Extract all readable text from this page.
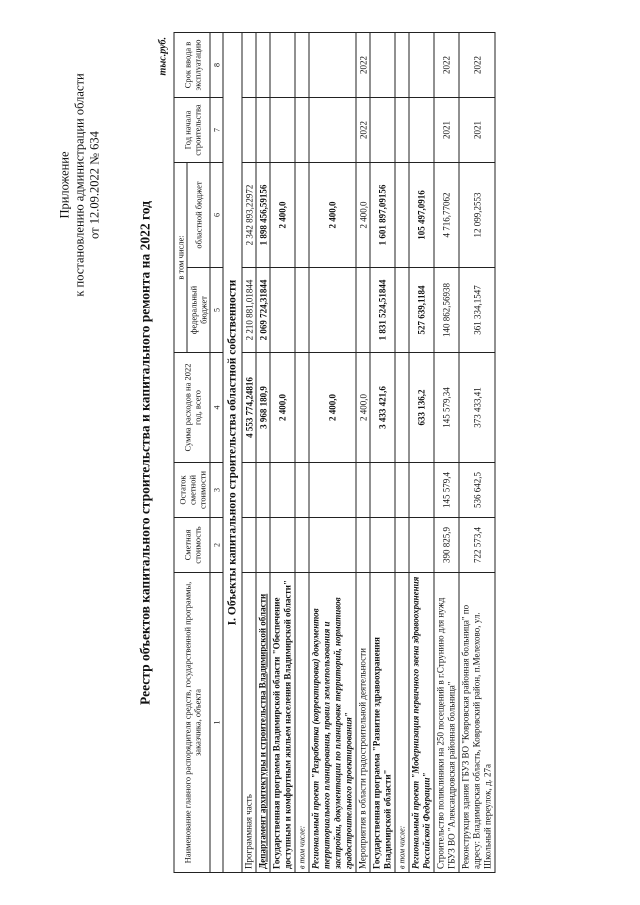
Приложение к постановлению администрации области от 12.09.2022 № 634
Реестр объектов капитального строительства и капитального ремонта на 2022 год
тыс.руб.
Наименование главного распорядителя средств, государственной программы, заказчика, объекта	Сметная стоимость	Остаток сметной стоимости	Сумма расходов на 2022 год, всего	в том числе:		Год начала строительства	Срок ввода в эксплуатацию
				федеральный бюджет	областной бюджет		
1	2	3	4	5	6	7	8
I. Объекты капитального строительства областной собственности							
Программная часть			4 553 774,24816	2 210 881,01844	2 342 893,22972		
Департамент архитектуры и строительства Владимирской области			3 968 180,9	2 069 724,31844	1 898 456,59156		
Государственная программа Владимирской области "Обеспечение доступным и комфортным жильем населения Владимирской области"			2 400,0		2 400,0		
в том числе:							
Региональный проект "Разработка (корректировка) документов территориального планирования, правил землепользования и застройки, документации по планировке территорий, нормативов градостроительного проектирования"			2 400,0		2 400,0		
Мероприятия в области градостроительной деятельности			2 400,0		2 400,0	2022	2022
Государственная программа "Развитие здравоохранения Владимирской области"			3 433 421,6	1 831 524,51844	1 601 897,09156		
в том числе:							
Региональный проект "Модернизация первичного звена здравоохранения Российской Федерации"			633 136,2	527 639,1184	105 497,0916		
Строительство поликлиники на 250 посещений в г.Струнино для нужд ГБУЗ ВО "Александровская районная больница"	390 825,9	145 579,4	145 579,34	140 862,56938	4 716,77062	2021	2022
Реконструкция здания ГБУЗ ВО "Ковровская районная больница" по адресу: Владимирская область, Ковровский район, п.Мелехово, ул. Школьный переулок, д. 27а	722 573,4	536 642,5	373 433,41	361 334,1547	12 099,2553	2021	2022
